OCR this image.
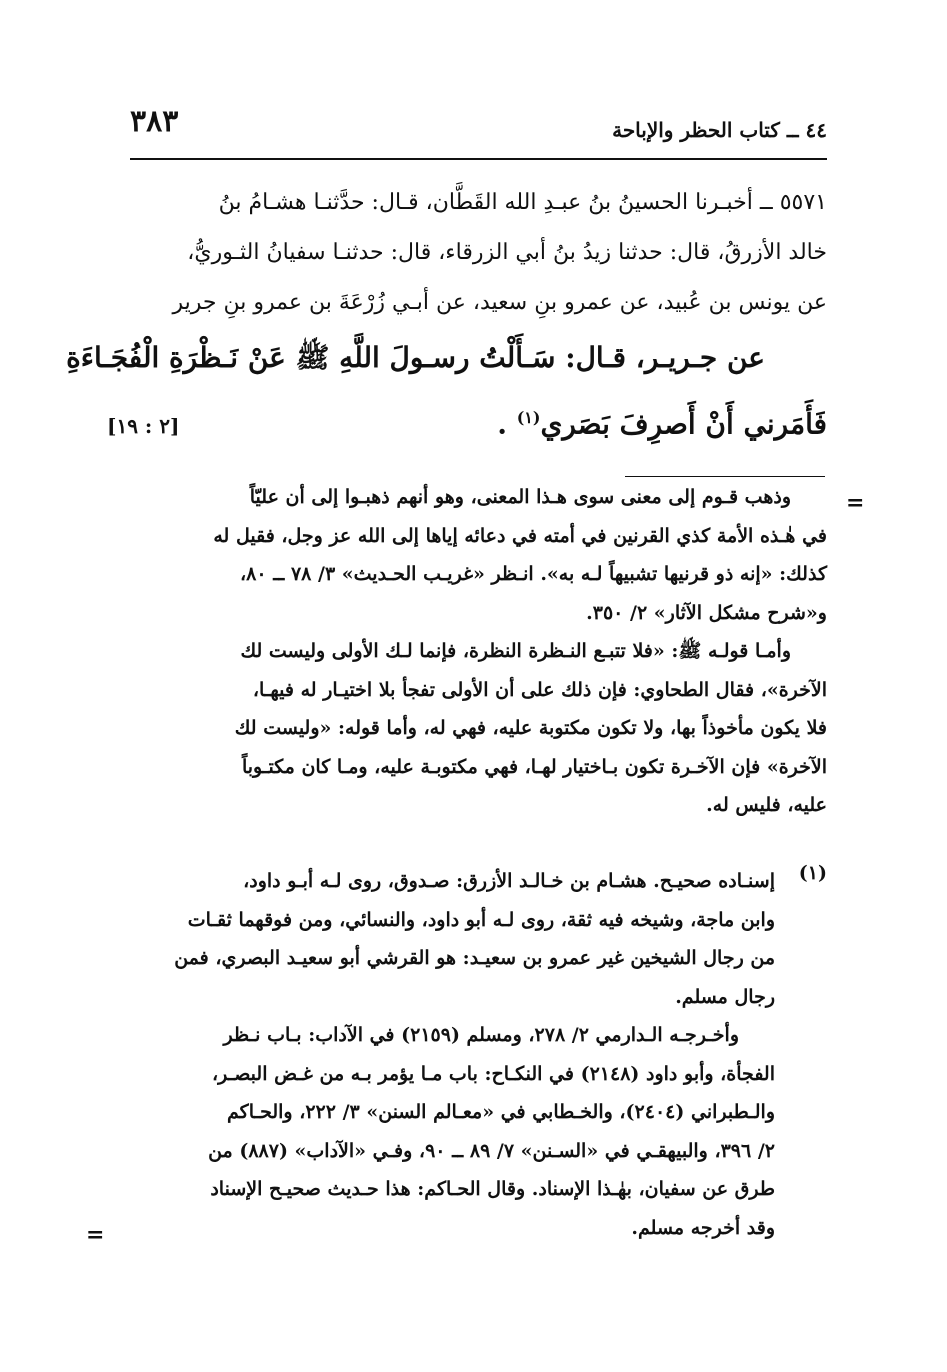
٤٤ ــ كتاب الحظر والإباحة
٣٨٣
٥٥٧١ ــ أخبـرنا الحسينُ بنُ عبـدِ الله القَطَّان، قـال: حدَّثنـا هشـامُ بنُ
خالد الأزرقُ، قال: حدثنا زيدُ بنُ أبي الزرقاء، قال: حدثنـا سفيانُ الثـوريُّ،
عن يونس بن عُبيد، عن عمرو بنِ سعيد، عن أبـي زُرْعَةَ بن عمرو بنِ جرير
عن جـريـر، قـال: سَـأَلْتُ رسـولَ اللَّهِ ﷺ عَنْ نَـظْرَةِ الْفُجَـاءَةِ
فَأَمَرني أَنْ أَصرِفَ بَصَري$^{(١)}$ .
[٢ : ١٩]
=
=
وذهب قـوم إلى معنى سوى هـذا المعنى، وهو أنهم ذهبـوا إلى أن عليّاً
في هٰـذه الأمة كذي القرنين في أمته في دعائه إياها إلى الله عز وجل، فقيل له
كذلك: «إنه ذو قرنيها تشبيهاً لـه به». انـظر «غريـب الحـديث» ٣/ ٧٨ ــ ٨٠،
و«شرح مشكل الآثار» ٢/ ٣٥٠.
وأمـا قولـه ﷺ: «فلا تتبـع النـظرة النظرة، فإنما لـك الأولى وليست لك
الآخرة»، فقال الطحاوي: فإن ذلك على أن الأولى تفجأ بلا اختيـار له فيهـا،
فلا يكون مأخوذاً بها، ولا تكون مكتوبة عليه، فهي له، وأما قوله: «وليست لك
الآخرة» فإن الآخـرة تكون بـاختيار لهـا، فهي مكتوبـة عليه، ومـا كان مكتـوباً
عليه، فليس له.
(١)
إسنـاده صحيـح. هشـام بن خـالـد الأزرق: صـدوق، روى لـه أبـو داود،
وابن ماجة، وشيخه فيه ثقة، روى لـه أبو داود، والنسائي، ومن فوقهما ثقـات
من رجال الشيخين غير عمرو بن سعيـد: هو القرشي أبو سعيـد البصري، فمن
رجال مسلم.
وأخـرجـه الـدارمي ٢/ ٢٧٨، ومسلم (٢١٥٩) في الآداب: بـاب نـظر
الفجأة، وأبو داود (٢١٤٨) في النكـاح: باب مـا يؤمر بـه من غـض البصـر،
والـطبراني (٢٤٠٤)، والخـطابي في «معـالم السنن» ٣/ ٢٢٢، والحـاكم
٢/ ٣٩٦، والبيهقـي في «السـنن» ٧/ ٨٩ ــ ٩٠، وفـي «الآداب» (٨٨٧) من
طرق عن سفيان، بهٰـذا الإسناد. وقال الحـاكم: هذا حـديث صحيـح الإسناد
وقد أخرجه مسلم.
